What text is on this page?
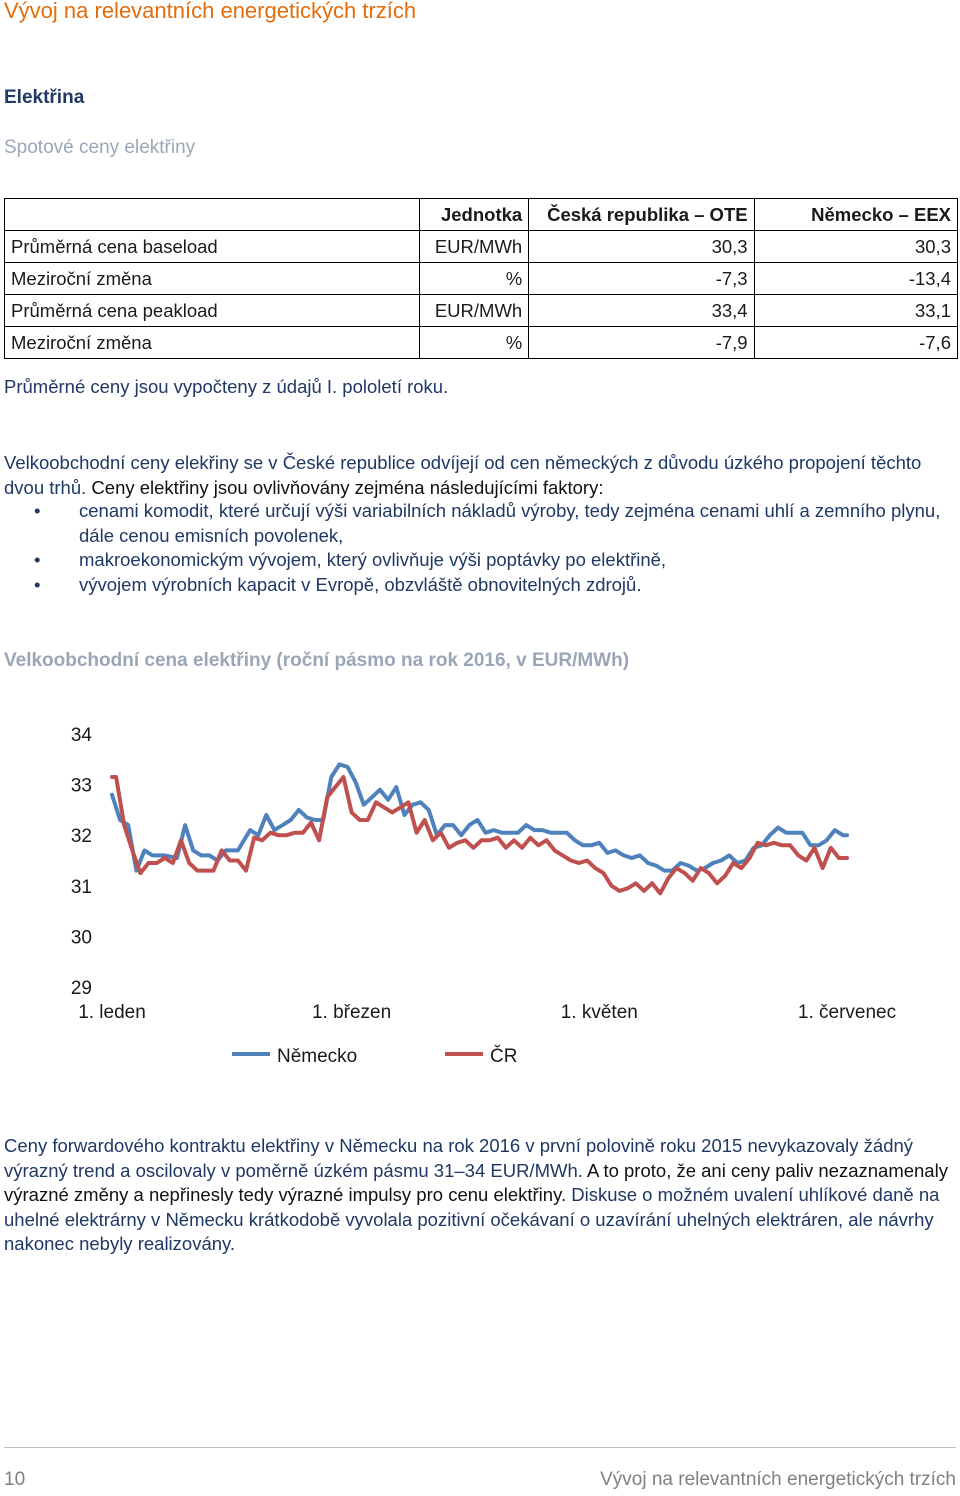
Vývoj na relevantních energetických trzích
Elektřina
Spotové ceny elektřiny
	Jednotka	Česká republika – OTE	Německo – EEX
Průměrná cena baseload	EUR/MWh	30,3	30,3
Meziroční změna	%	-7,3	-13,4
Průměrná cena peakload	EUR/MWh	33,4	33,1
Meziroční změna	%	-7,9	-7,6
Průměrné ceny jsou vypočteny z údajů I. pololetí roku.
Velkoobchodní ceny elekřiny se v České republice odvíjejí od cen německých z důvodu úzkého propojení těchto dvou trhů. Ceny elektřiny jsou ovlivňovány zejména následujícími faktory:
• cenami komodit, které určují výši variabilních nákladů výroby, tedy zejména cenami uhlí a zemního plynu, dále cenou emisních povolenek,
• makroekonomickým vývojem, který ovlivňuje výši poptávky po elektřině,
• vývojem výrobních kapacit v Evropě, obzvláště obnovitelných zdrojů.
Velkoobchodní cena elektřiny (roční pásmo na rok 2016, v EUR/MWh)
29
30
31
32
33
34
1. leden	1. březen	1. květen	1. červenec
Německo	ČR
Ceny forwardového kontraktu elektřiny v Německu na rok 2016 v první polovině roku 2015 nevykazovaly žádný výrazný trend a oscilovaly v poměrně úzkém pásmu 31–34 EUR/MWh. A to proto, že ani ceny paliv nezaznamenaly výrazné změny a nepřinesly tedy výrazné impulsy pro cenu elektřiny. Diskuse o možném uvalení uhlíkové daně na uhelné elektrárny v Německu krátkodobě vyvolala pozitivní očekávaní o uzavírání uhelných elektráren, ale návrhy nakonec nebyly realizovány.
10	Vývoj na relevantních energetických trzích
